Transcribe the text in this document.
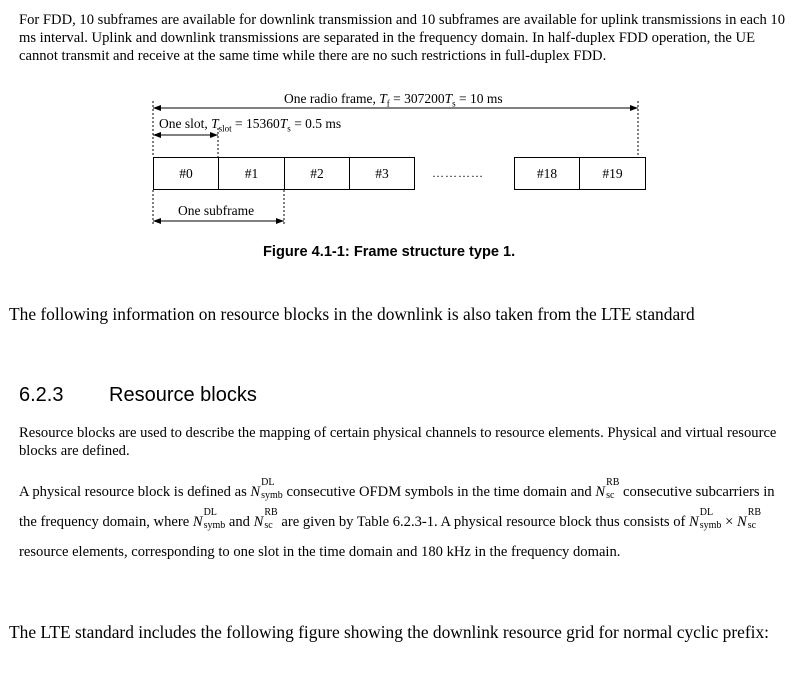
For FDD, 10 subframes are available for downlink transmission and 10 subframes are available for uplink transmissions in each 10 ms interval. Uplink and downlink transmissions are separated in the frequency domain. In half-duplex FDD operation, the UE cannot transmit and receive at the same time while there are no such restrictions in full-duplex FDD.
One radio frame, $T_f = 307200T_s = 10$ ms
One slot, $T_{slot} = 15360T_s = 0.5$ ms
#0	#1	#2	#3	…………	#18	#19
One subframe
Figure 4.1-1: Frame structure type 1.
The following information on resource blocks in the downlink is also taken from the LTE standard
6.2.3 Resource blocks
Resource blocks are used to describe the mapping of certain physical channels to resource elements. Physical and virtual resource blocks are defined.
A physical resource block is defined as N
DL
symb consecutive OFDM symbols in the time domain and N
RB
sc consecutive subcarriers in the frequency domain, where N
DL
symb and N
RB
sc are given by Table 6.2.3-1. A physical resource block thus consists of N
DL
symb × N
RB
sc
resource elements, corresponding to one slot in the time domain and 180 kHz in the frequency domain.
The LTE standard includes the following figure showing the downlink resource grid for normal cyclic prefix:
